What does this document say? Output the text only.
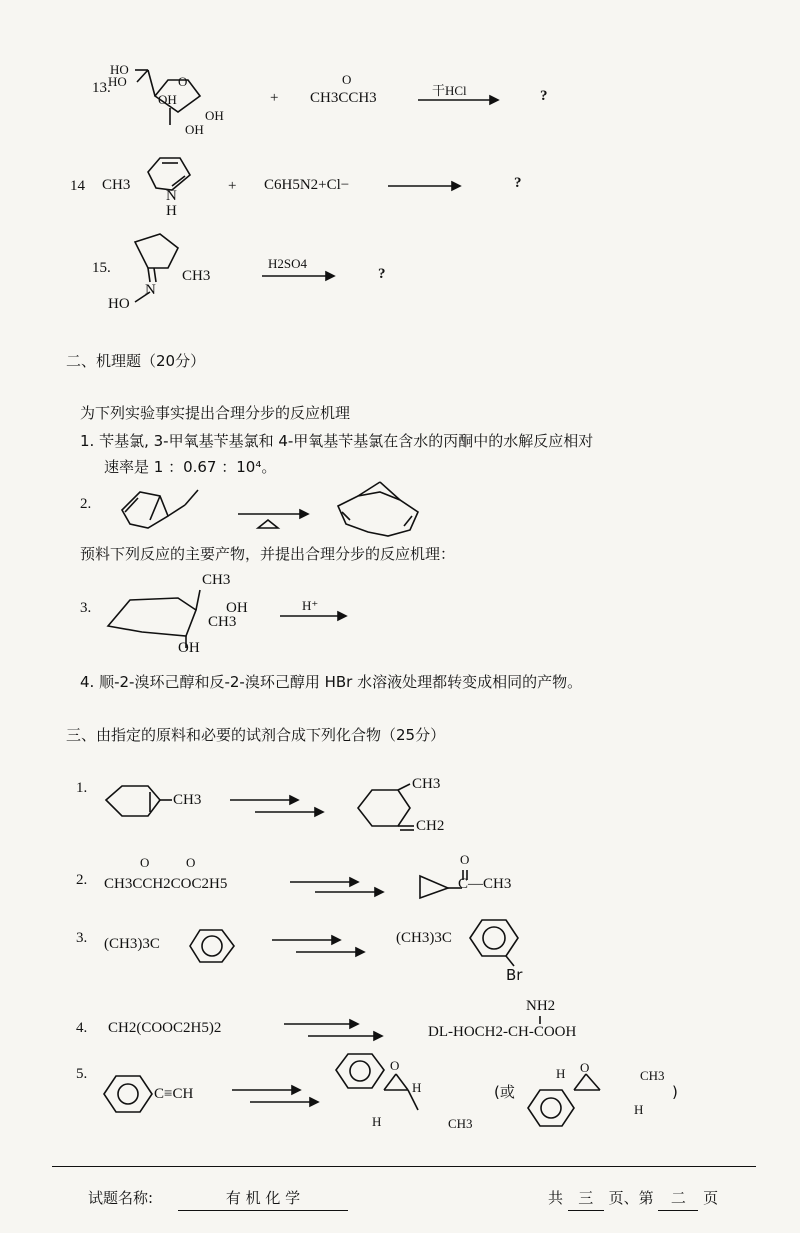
13.
HO
HO
OH
OH
OH
O
+
O
CH3CCH3	干HCl	?
14 CH3
N
H
+ C6H5N2+Cl−	?
15.	CH3
N
HO
H2SO4
?
二、机理题（20分）
为下列实验事实提出合理分步的反应机理
1. 苄基氯, 3-甲氧基苄基氯和 4-甲氧基苄基氯在含水的丙酮中的水解反应相对
速率是 1 ：0.67 ：10⁴。
2.
预料下列反应的主要产物，并提出合理分步的反应机理：
3.
CH3
OH
CH3
OH
H⁺
4. 顺-2-溴环己醇和反-2-溴环己醇用 HBr 水溶液处理都转变成相同的产物。
三、由指定的原料和必要的试剂合成下列化合物（25分）
1.
CH3
CH3
CH2
2.
O	O
CH3CCH2COC2H5
O
C—CH3
3. (CH3)3C	(CH3)3C
Br
4. CH2(COOC2H5)2
NH2
DL-HOCH2-CH-COOH
5.
C≡CH
H
O
H
CH3
(或
H O
CH3
H
)
试题名称:	有 机 化 学	共 三 页、第 二 页
